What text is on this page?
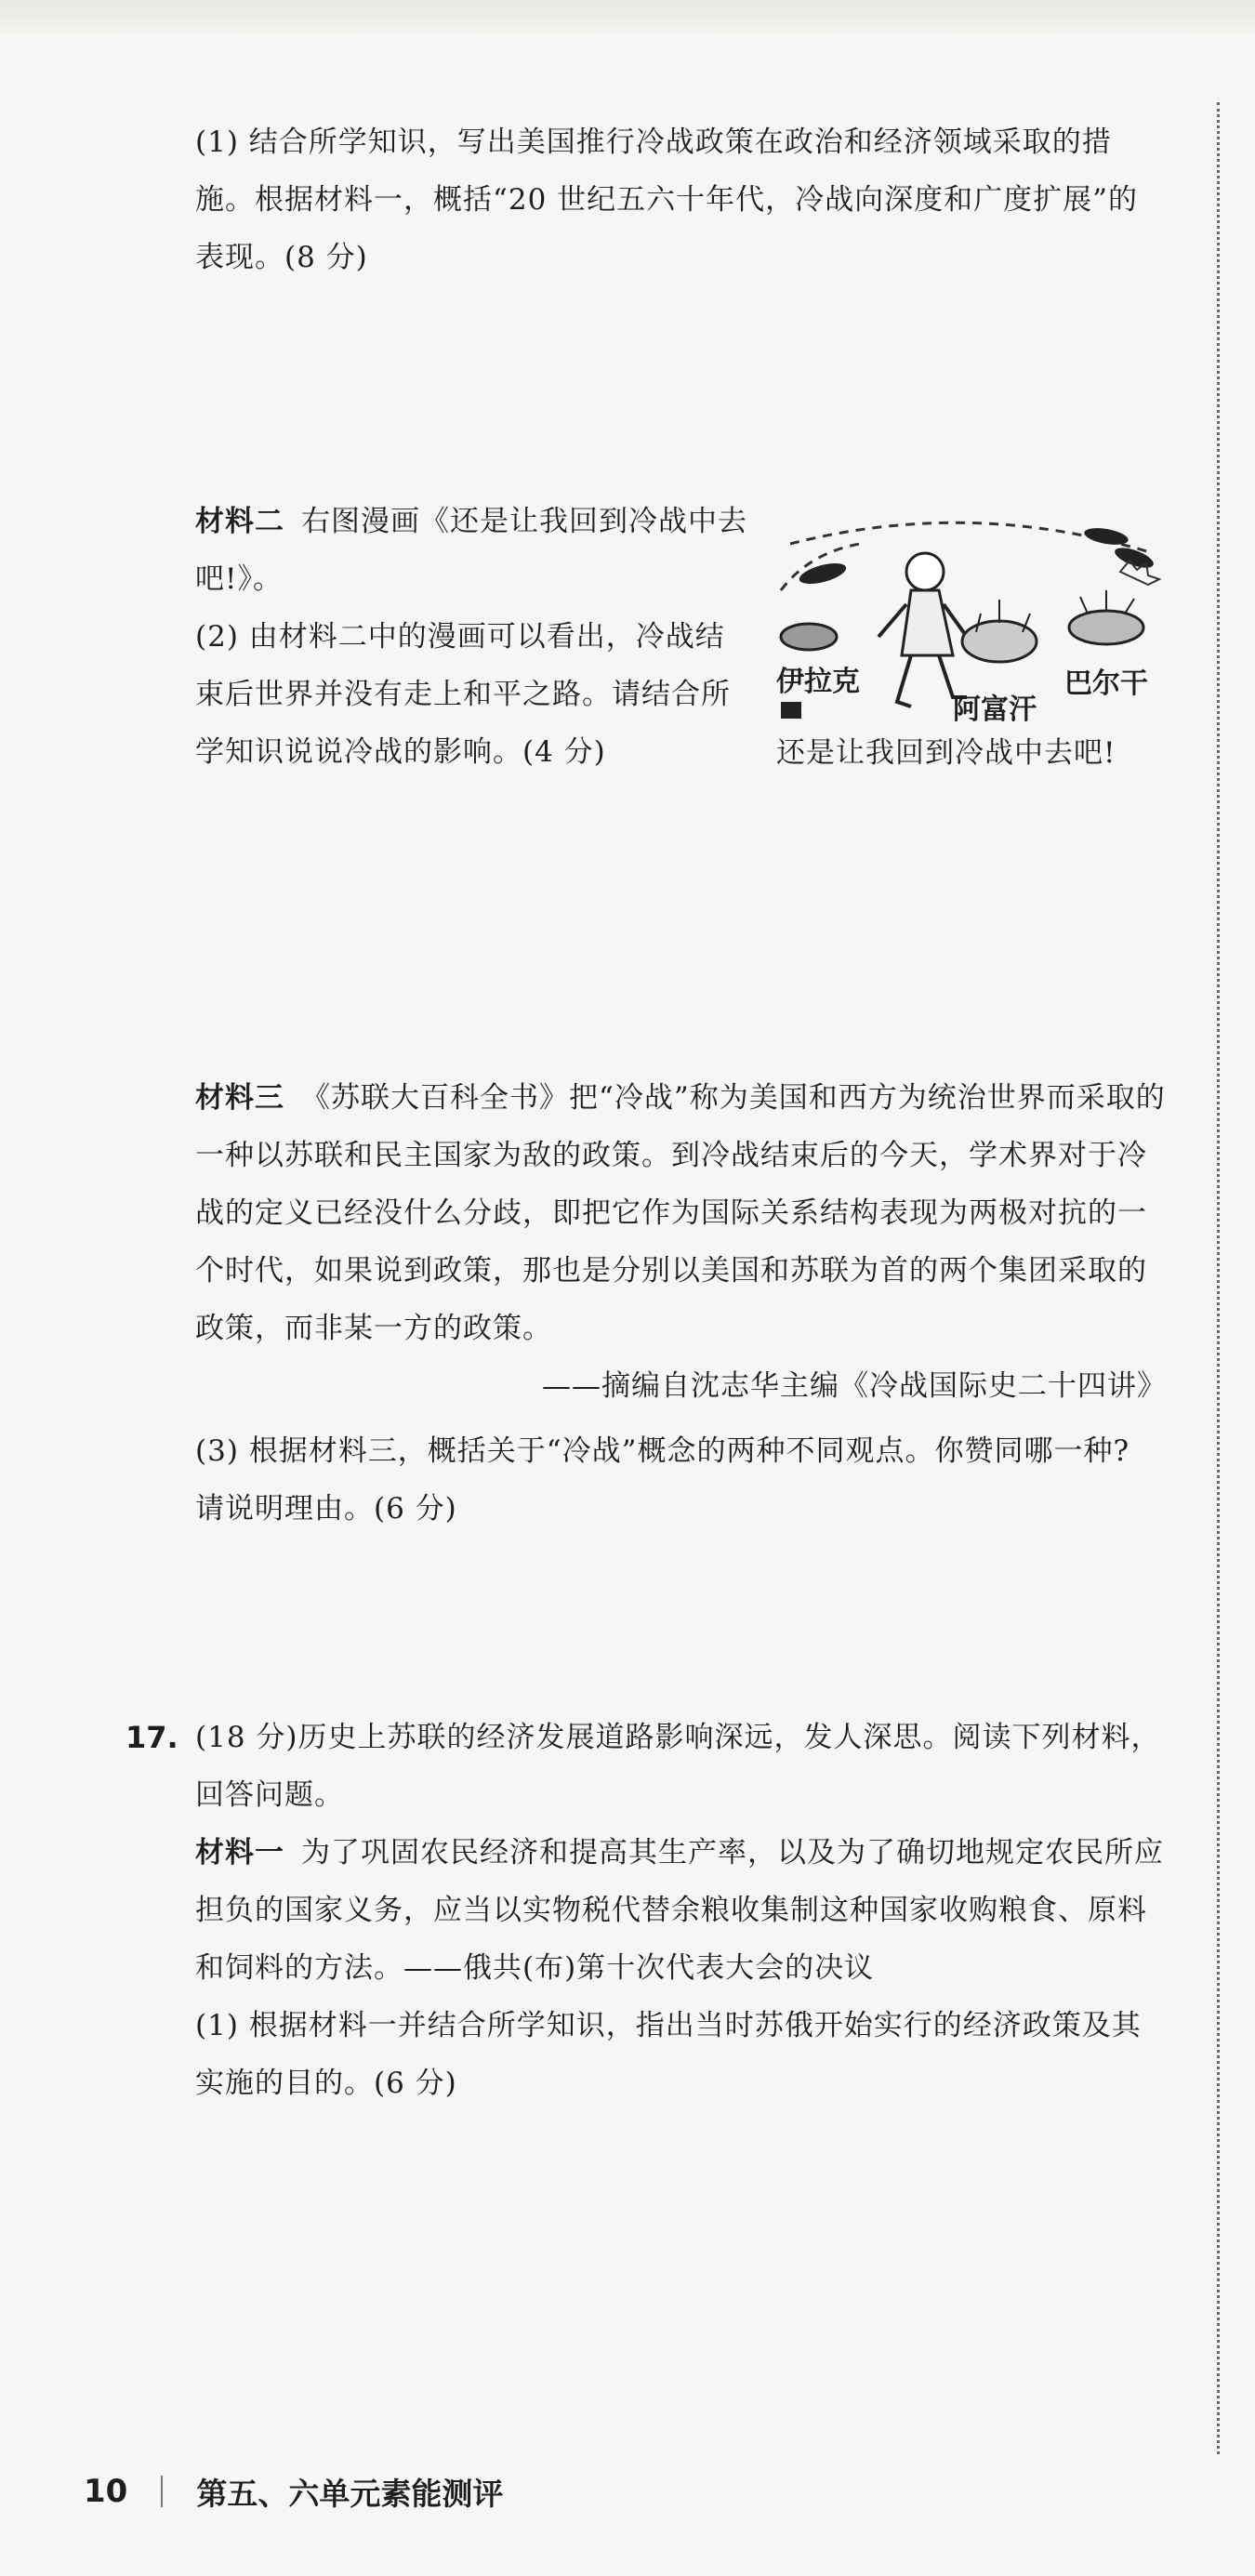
(1) 结合所学知识，写出美国推行冷战政策在政治和经济领域采取的措施。根据材料一，概括“20 世纪五六十年代，冷战向深度和广度扩展”的表现。(8 分)

材料二 右图漫画《还是让我回到冷战中去吧!》。

(2) 由材料二中的漫画可以看出，冷战结束后世界并没有走上和平之路。请结合所学知识说说冷战的影响。(4 分)

伊拉克
阿富汗
巴尔干
还是让我回到冷战中去吧!

材料三 《苏联大百科全书》把“冷战”称为美国和西方为统治世界而采取的一种以苏联和民主国家为敌的政策。到冷战结束后的今天，学术界对于冷战的定义已经没什么分歧，即把它作为国际关系结构表现为两极对抗的一个时代，如果说到政策，那也是分别以美国和苏联为首的两个集团采取的政策，而非某一方的政策。

——摘编自沈志华主编《冷战国际史二十四讲》

(3) 根据材料三，概括关于“冷战”概念的两种不同观点。你赞同哪一种? 请说明理由。(6 分)

17. (18 分)历史上苏联的经济发展道路影响深远，发人深思。阅读下列材料，回答问题。

材料一 为了巩固农民经济和提高其生产率，以及为了确切地规定农民所应担负的国家义务，应当以实物税代替余粮收集制这种国家收购粮食、原料和饲料的方法。——俄共(布)第十次代表大会的决议

(1) 根据材料一并结合所学知识，指出当时苏俄开始实行的经济政策及其实施的目的。(6 分)

10 第五、六单元素能测评
